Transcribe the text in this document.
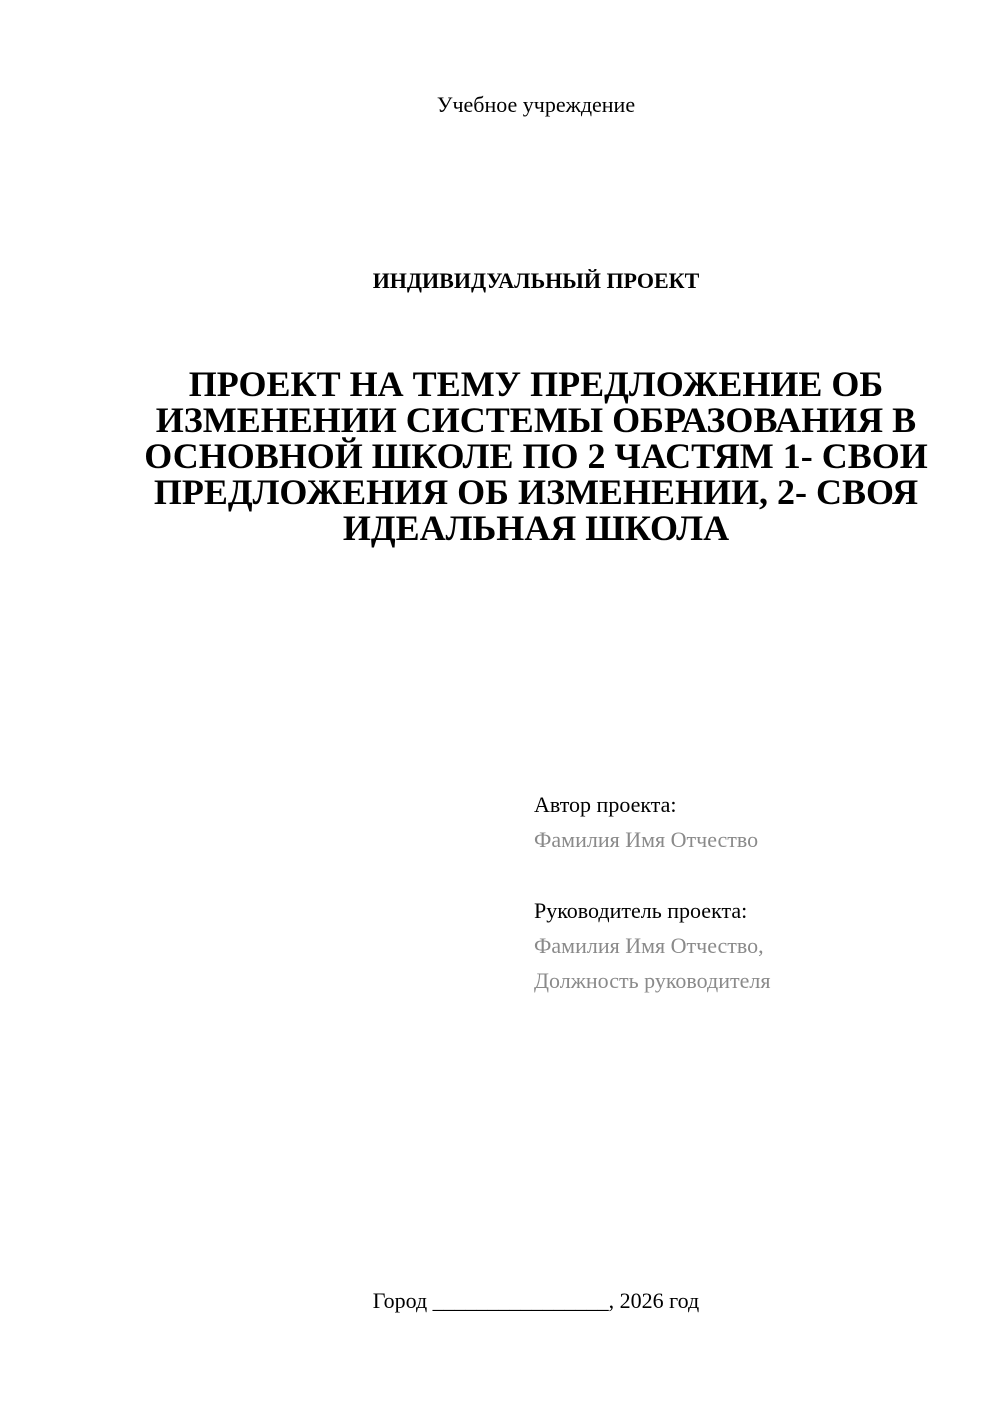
Учебное учреждение
ИНДИВИДУАЛЬНЫЙ ПРОЕКТ
ПРОЕКТ НА ТЕМУ ПРЕДЛОЖЕНИЕ ОБ ИЗМЕНЕНИИ СИСТЕМЫ ОБРАЗОВАНИЯ В ОСНОВНОЙ ШКОЛЕ ПО 2 ЧАСТЯМ 1- СВОИ ПРЕДЛОЖЕНИЯ ОБ ИЗМЕНЕНИИ, 2- СВОЯ ИДЕАЛЬНАЯ ШКОЛА
Автор проекта:
Фамилия Имя Отчество
Руководитель проекта:
Фамилия Имя Отчество,
Должность руководителя
Город ________________, 2026 год
